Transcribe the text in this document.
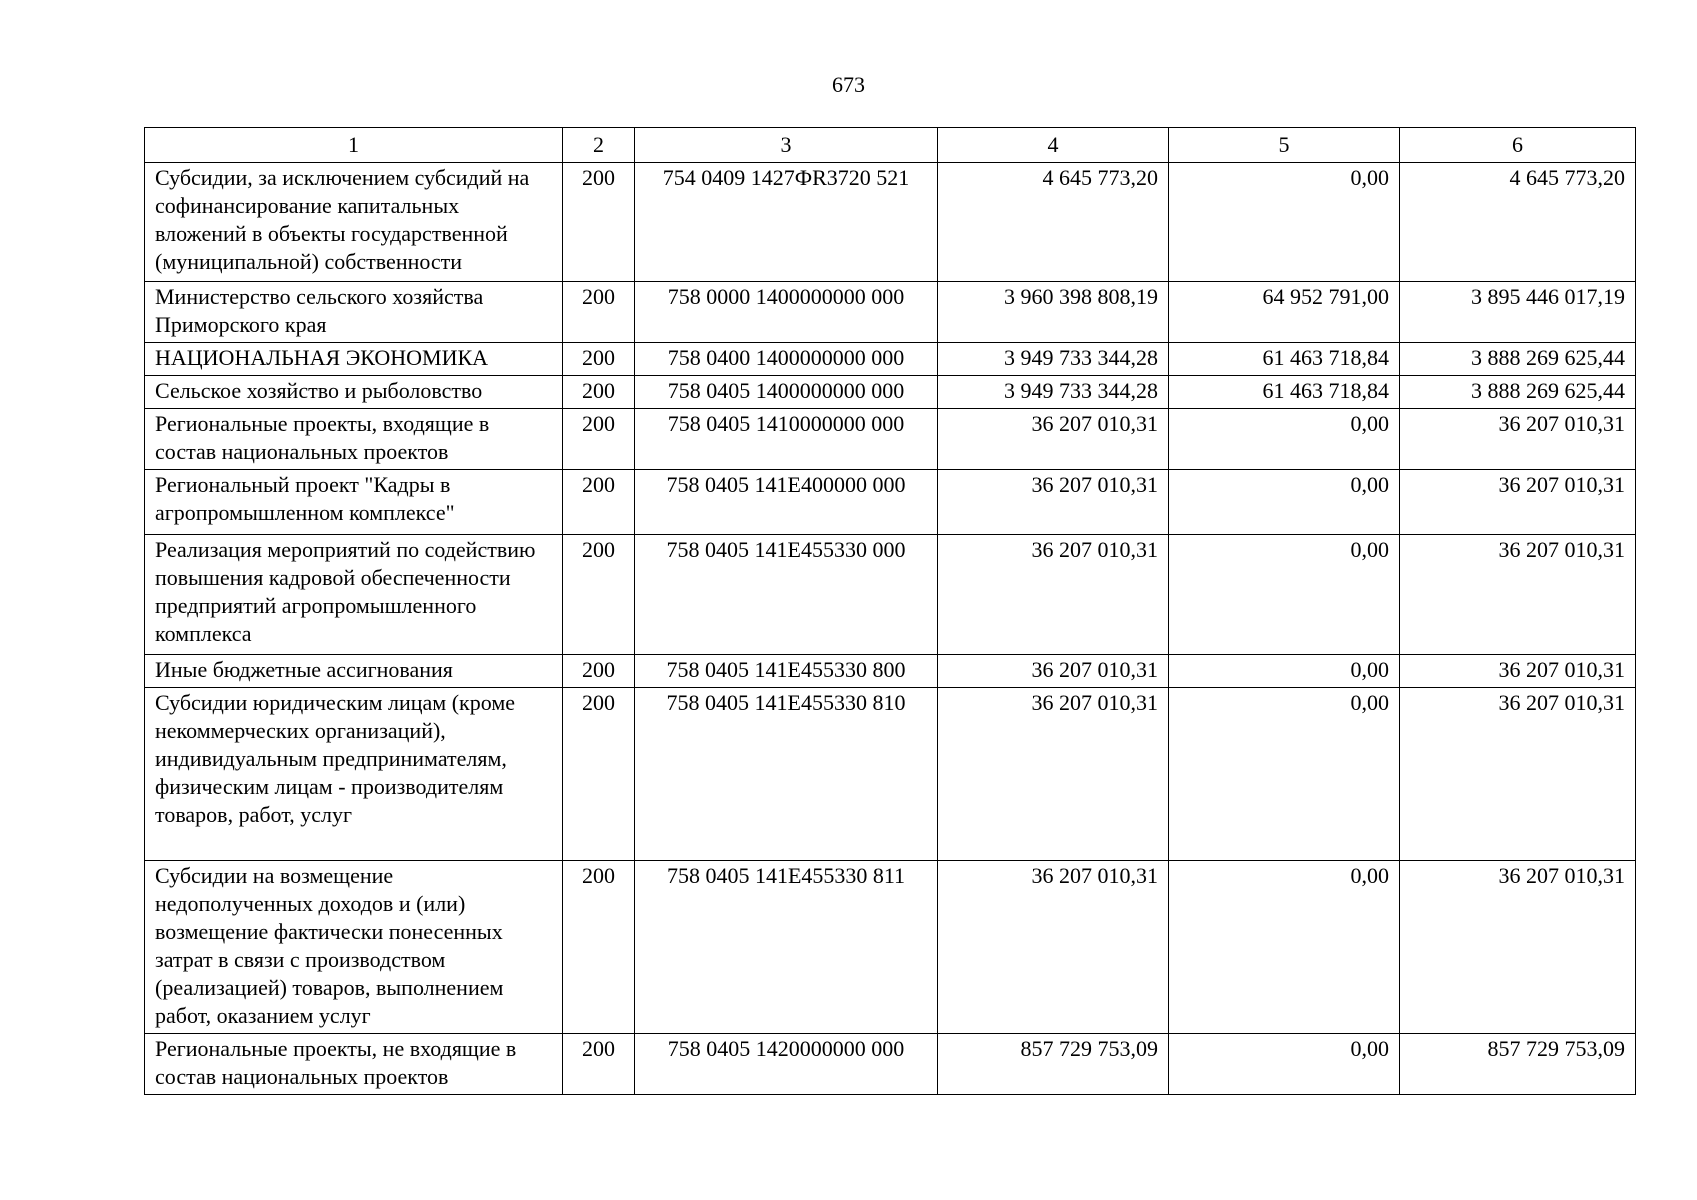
673
1	2	3	4	5	6
Субсидии, за исключением субсидий на софинансирование капитальных вложений в объекты государственной (муниципальной) собственности	200	754 0409 1427ФR3720 521	4 645 773,20	0,00	4 645 773,20
Министерство сельского хозяйства Приморского края	200	758 0000 1400000000 000	3 960 398 808,19	64 952 791,00	3 895 446 017,19
НАЦИОНАЛЬНАЯ ЭКОНОМИКА	200	758 0400 1400000000 000	3 949 733 344,28	61 463 718,84	3 888 269 625,44
Сельское хозяйство и рыболовство	200	758 0405 1400000000 000	3 949 733 344,28	61 463 718,84	3 888 269 625,44
Региональные проекты, входящие в состав национальных проектов	200	758 0405 1410000000 000	36 207 010,31	0,00	36 207 010,31
Региональный проект "Кадры в агропромышленном комплексе"	200	758 0405 141Е400000 000	36 207 010,31	0,00	36 207 010,31
Реализация мероприятий по содействию повышения кадровой обеспеченности предприятий агропромышленного комплекса	200	758 0405 141Е455330 000	36 207 010,31	0,00	36 207 010,31
Иные бюджетные ассигнования	200	758 0405 141Е455330 800	36 207 010,31	0,00	36 207 010,31
Субсидии юридическим лицам (кроме некоммерческих организаций), индивидуальным предпринимателям, физическим лицам - производителям товаров, работ, услуг	200	758 0405 141Е455330 810	36 207 010,31	0,00	36 207 010,31
Субсидии на возмещение недополученных доходов и (или) возмещение фактически понесенных затрат в связи с производством (реализацией) товаров, выполнением работ, оказанием услуг	200	758 0405 141Е455330 811	36 207 010,31	0,00	36 207 010,31
Региональные проекты, не входящие в состав национальных проектов	200	758 0405 1420000000 000	857 729 753,09	0,00	857 729 753,09
